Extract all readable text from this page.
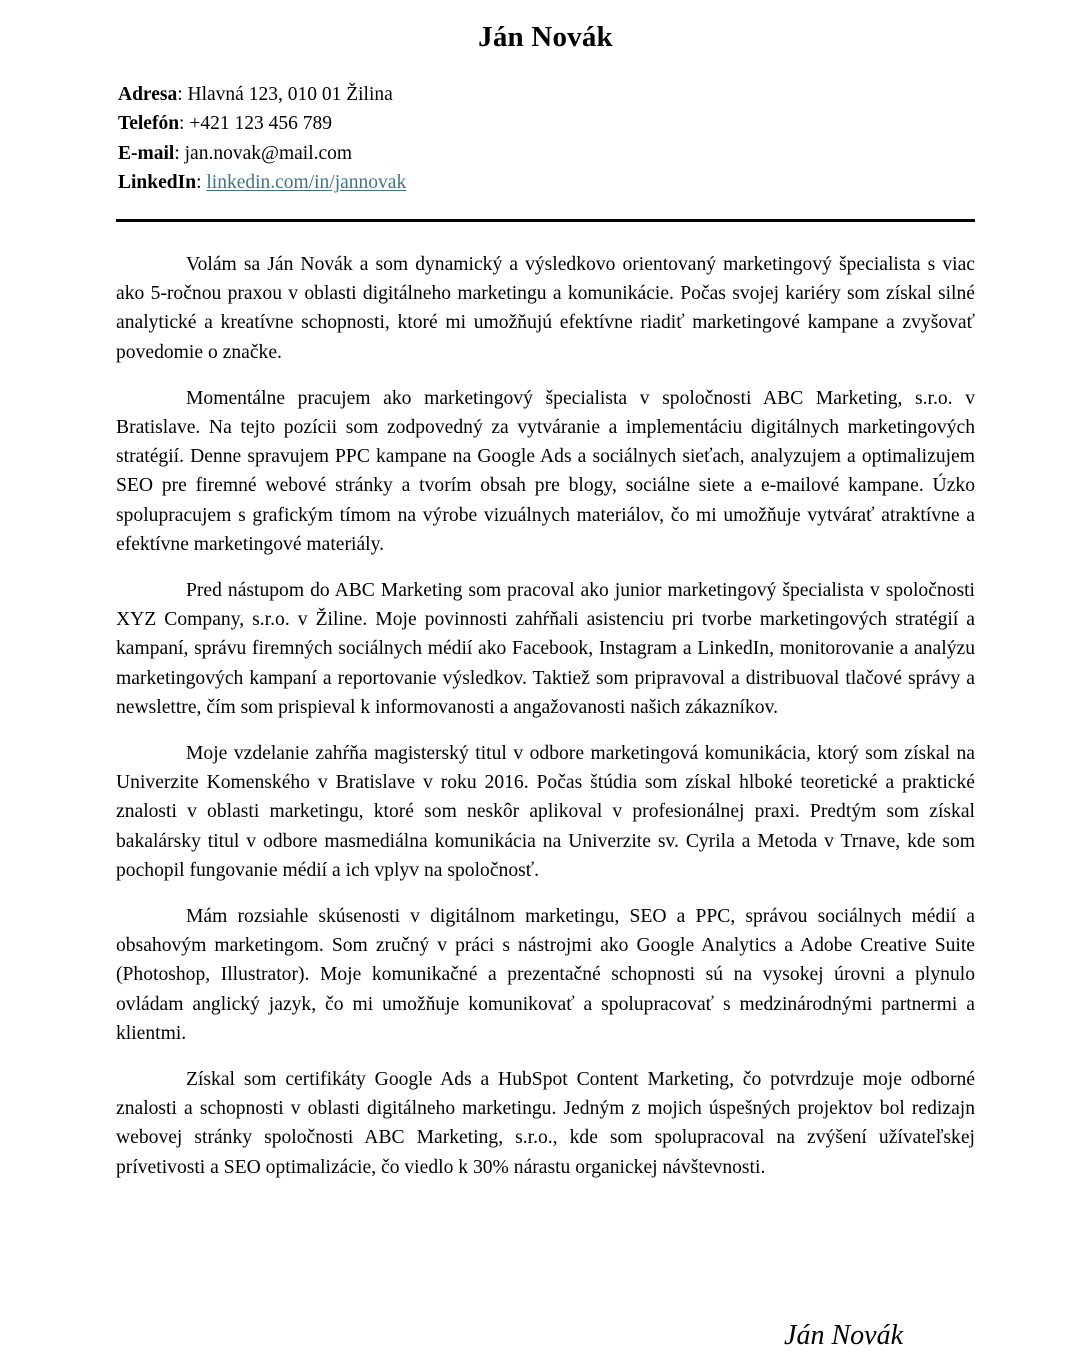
Ján Novák
Adresa: Hlavná 123, 010 01 Žilina
Telefón: +421 123 456 789
E-mail: jan.novak@mail.com
LinkedIn: linkedin.com/in/jannovak

Volám sa Ján Novák a som dynamický a výsledkovo orientovaný marketingový špecialista s viac ako 5-ročnou praxou v oblasti digitálneho marketingu a komunikácie. Počas svojej kariéry som získal silné analytické a kreatívne schopnosti, ktoré mi umožňujú efektívne riadiť marketingové kampane a zvyšovať povedomie o značke.

Momentálne pracujem ako marketingový špecialista v spoločnosti ABC Marketing, s.r.o. v Bratislave. Na tejto pozícii som zodpovedný za vytváranie a implementáciu digitálnych marketingových stratégií. Denne spravujem PPC kampane na Google Ads a sociálnych sieťach, analyzujem a optimalizujem SEO pre firemné webové stránky a tvorím obsah pre blogy, sociálne siete a e-mailové kampane. Úzko spolupracujem s grafickým tímom na výrobe vizuálnych materiálov, čo mi umožňuje vytvárať atraktívne a efektívne marketingové materiály.

Pred nástupom do ABC Marketing som pracoval ako junior marketingový špecialista v spoločnosti XYZ Company, s.r.o. v Žiline. Moje povinnosti zahŕňali asistenciu pri tvorbe marketingových stratégií a kampaní, správu firemných sociálnych médií ako Facebook, Instagram a LinkedIn, monitorovanie a analýzu marketingových kampaní a reportovanie výsledkov. Taktiež som pripravoval a distribuoval tlačové správy a newslettre, čím som prispieval k informovanosti a angažovanosti našich zákazníkov.

Moje vzdelanie zahŕňa magisterský titul v odbore marketingová komunikácia, ktorý som získal na Univerzite Komenského v Bratislave v roku 2016. Počas štúdia som získal hlboké teoretické a praktické znalosti v oblasti marketingu, ktoré som neskôr aplikoval v profesionálnej praxi. Predtým som získal bakalársky titul v odbore masmediálna komunikácia na Univerzite sv. Cyrila a Metoda v Trnave, kde som pochopil fungovanie médií a ich vplyv na spoločnosť.

Mám rozsiahle skúsenosti v digitálnom marketingu, SEO a PPC, správou sociálnych médií a obsahovým marketingom. Som zručný v práci s nástrojmi ako Google Analytics a Adobe Creative Suite (Photoshop, Illustrator). Moje komunikačné a prezentačné schopnosti sú na vysokej úrovni a plynulo ovládam anglický jazyk, čo mi umožňuje komunikovať a spolupracovať s medzinárodnými partnermi a klientmi.

Získal som certifikáty Google Ads a HubSpot Content Marketing, čo potvrdzuje moje odborné znalosti a schopnosti v oblasti digitálneho marketingu. Jedným z mojich úspešných projektov bol redizajn webovej stránky spoločnosti ABC Marketing, s.r.o., kde som spolupracoval na zvýšení užívateľskej prívetivosti a SEO optimalizácie, čo viedlo k 30% nárastu organickej návštevnosti.

Ján Novák
